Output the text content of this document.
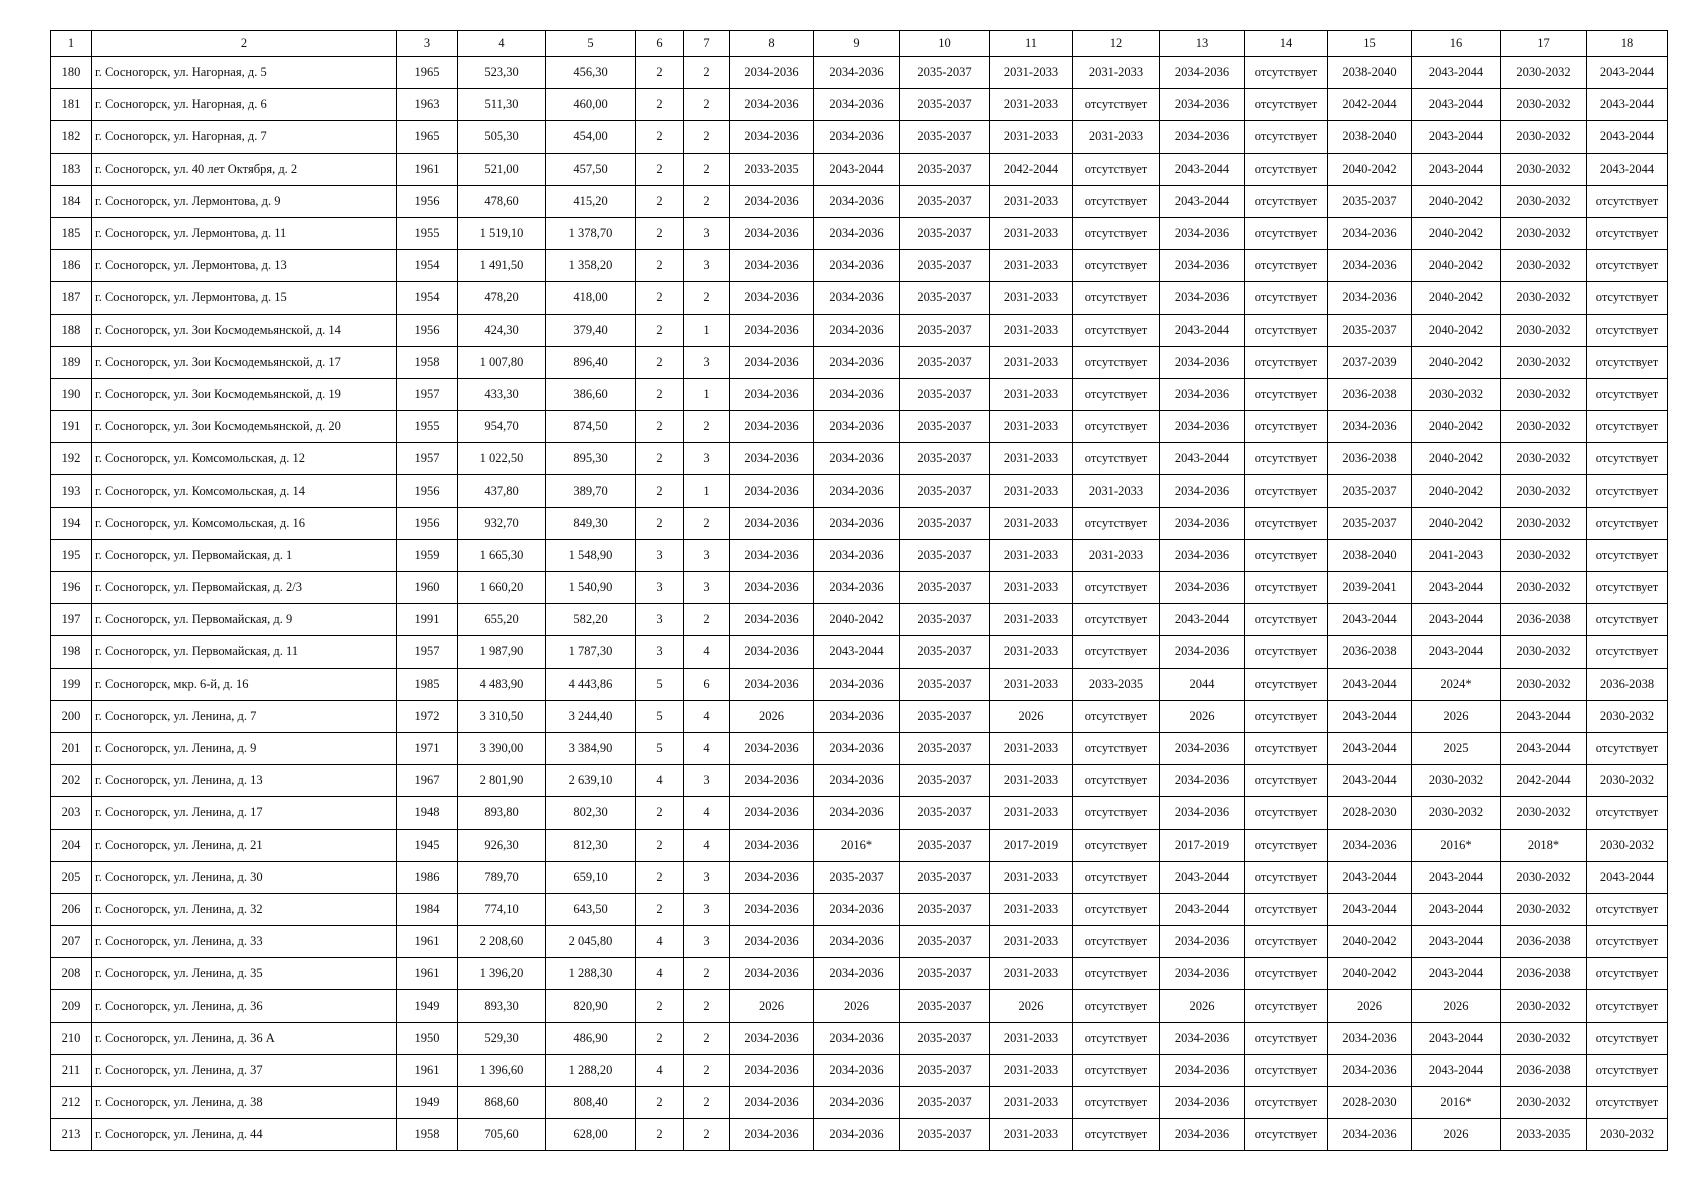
1	2	3	4	5	6	7	8	9	10	11	12	13	14	15	16	17	18
180	г. Сосногорск, ул. Нагорная, д. 5	1965	523,30	456,30	2	2	2034-2036	2034-2036	2035-2037	2031-2033	2031-2033	2034-2036	отсутствует	2038-2040	2043-2044	2030-2032	2043-2044
181	г. Сосногорск, ул. Нагорная, д. 6	1963	511,30	460,00	2	2	2034-2036	2034-2036	2035-2037	2031-2033	отсутствует	2034-2036	отсутствует	2042-2044	2043-2044	2030-2032	2043-2044
182	г. Сосногорск, ул. Нагорная, д. 7	1965	505,30	454,00	2	2	2034-2036	2034-2036	2035-2037	2031-2033	2031-2033	2034-2036	отсутствует	2038-2040	2043-2044	2030-2032	2043-2044
183	г. Сосногорск, ул. 40 лет Октября, д. 2	1961	521,00	457,50	2	2	2033-2035	2043-2044	2035-2037	2042-2044	отсутствует	2043-2044	отсутствует	2040-2042	2043-2044	2030-2032	2043-2044
184	г. Сосногорск, ул. Лермонтова, д. 9	1956	478,60	415,20	2	2	2034-2036	2034-2036	2035-2037	2031-2033	отсутствует	2043-2044	отсутствует	2035-2037	2040-2042	2030-2032	отсутствует
185	г. Сосногорск, ул. Лермонтова, д. 11	1955	1 519,10	1 378,70	2	3	2034-2036	2034-2036	2035-2037	2031-2033	отсутствует	2034-2036	отсутствует	2034-2036	2040-2042	2030-2032	отсутствует
186	г. Сосногорск, ул. Лермонтова, д. 13	1954	1 491,50	1 358,20	2	3	2034-2036	2034-2036	2035-2037	2031-2033	отсутствует	2034-2036	отсутствует	2034-2036	2040-2042	2030-2032	отсутствует
187	г. Сосногорск, ул. Лермонтова, д. 15	1954	478,20	418,00	2	2	2034-2036	2034-2036	2035-2037	2031-2033	отсутствует	2034-2036	отсутствует	2034-2036	2040-2042	2030-2032	отсутствует
188	г. Сосногорск, ул. Зои Космодемьянской, д. 14	1956	424,30	379,40	2	1	2034-2036	2034-2036	2035-2037	2031-2033	отсутствует	2043-2044	отсутствует	2035-2037	2040-2042	2030-2032	отсутствует
189	г. Сосногорск, ул. Зои Космодемьянской, д. 17	1958	1 007,80	896,40	2	3	2034-2036	2034-2036	2035-2037	2031-2033	отсутствует	2034-2036	отсутствует	2037-2039	2040-2042	2030-2032	отсутствует
190	г. Сосногорск, ул. Зои Космодемьянской, д. 19	1957	433,30	386,60	2	1	2034-2036	2034-2036	2035-2037	2031-2033	отсутствует	2034-2036	отсутствует	2036-2038	2030-2032	2030-2032	отсутствует
191	г. Сосногорск, ул. Зои Космодемьянской, д. 20	1955	954,70	874,50	2	2	2034-2036	2034-2036	2035-2037	2031-2033	отсутствует	2034-2036	отсутствует	2034-2036	2040-2042	2030-2032	отсутствует
192	г. Сосногорск, ул. Комсомольская, д. 12	1957	1 022,50	895,30	2	3	2034-2036	2034-2036	2035-2037	2031-2033	отсутствует	2043-2044	отсутствует	2036-2038	2040-2042	2030-2032	отсутствует
193	г. Сосногорск, ул. Комсомольская, д. 14	1956	437,80	389,70	2	1	2034-2036	2034-2036	2035-2037	2031-2033	2031-2033	2034-2036	отсутствует	2035-2037	2040-2042	2030-2032	отсутствует
194	г. Сосногорск, ул. Комсомольская, д. 16	1956	932,70	849,30	2	2	2034-2036	2034-2036	2035-2037	2031-2033	отсутствует	2034-2036	отсутствует	2035-2037	2040-2042	2030-2032	отсутствует
195	г. Сосногорск, ул. Первомайская, д. 1	1959	1 665,30	1 548,90	3	3	2034-2036	2034-2036	2035-2037	2031-2033	2031-2033	2034-2036	отсутствует	2038-2040	2041-2043	2030-2032	отсутствует
196	г. Сосногорск, ул. Первомайская, д. 2/3	1960	1 660,20	1 540,90	3	3	2034-2036	2034-2036	2035-2037	2031-2033	отсутствует	2034-2036	отсутствует	2039-2041	2043-2044	2030-2032	отсутствует
197	г. Сосногорск, ул. Первомайская, д. 9	1991	655,20	582,20	3	2	2034-2036	2040-2042	2035-2037	2031-2033	отсутствует	2043-2044	отсутствует	2043-2044	2043-2044	2036-2038	отсутствует
198	г. Сосногорск, ул. Первомайская, д. 11	1957	1 987,90	1 787,30	3	4	2034-2036	2043-2044	2035-2037	2031-2033	отсутствует	2034-2036	отсутствует	2036-2038	2043-2044	2030-2032	отсутствует
199	г. Сосногорск, мкр. 6-й, д. 16	1985	4 483,90	4 443,86	5	6	2034-2036	2034-2036	2035-2037	2031-2033	2033-2035	2044	отсутствует	2043-2044	2024*	2030-2032	2036-2038
200	г. Сосногорск, ул. Ленина, д. 7	1972	3 310,50	3 244,40	5	4	2026	2034-2036	2035-2037	2026	отсутствует	2026	отсутствует	2043-2044	2026	2043-2044	2030-2032
201	г. Сосногорск, ул. Ленина, д. 9	1971	3 390,00	3 384,90	5	4	2034-2036	2034-2036	2035-2037	2031-2033	отсутствует	2034-2036	отсутствует	2043-2044	2025	2043-2044	отсутствует
202	г. Сосногорск, ул. Ленина, д. 13	1967	2 801,90	2 639,10	4	3	2034-2036	2034-2036	2035-2037	2031-2033	отсутствует	2034-2036	отсутствует	2043-2044	2030-2032	2042-2044	2030-2032
203	г. Сосногорск, ул. Ленина, д. 17	1948	893,80	802,30	2	4	2034-2036	2034-2036	2035-2037	2031-2033	отсутствует	2034-2036	отсутствует	2028-2030	2030-2032	2030-2032	отсутствует
204	г. Сосногорск, ул. Ленина, д. 21	1945	926,30	812,30	2	4	2034-2036	2016*	2035-2037	2017-2019	отсутствует	2017-2019	отсутствует	2034-2036	2016*	2018*	2030-2032
205	г. Сосногорск, ул. Ленина, д. 30	1986	789,70	659,10	2	3	2034-2036	2035-2037	2035-2037	2031-2033	отсутствует	2043-2044	отсутствует	2043-2044	2043-2044	2030-2032	2043-2044
206	г. Сосногорск, ул. Ленина, д. 32	1984	774,10	643,50	2	3	2034-2036	2034-2036	2035-2037	2031-2033	отсутствует	2043-2044	отсутствует	2043-2044	2043-2044	2030-2032	отсутствует
207	г. Сосногорск, ул. Ленина, д. 33	1961	2 208,60	2 045,80	4	3	2034-2036	2034-2036	2035-2037	2031-2033	отсутствует	2034-2036	отсутствует	2040-2042	2043-2044	2036-2038	отсутствует
208	г. Сосногорск, ул. Ленина, д. 35	1961	1 396,20	1 288,30	4	2	2034-2036	2034-2036	2035-2037	2031-2033	отсутствует	2034-2036	отсутствует	2040-2042	2043-2044	2036-2038	отсутствует
209	г. Сосногорск, ул. Ленина, д. 36	1949	893,30	820,90	2	2	2026	2026	2035-2037	2026	отсутствует	2026	отсутствует	2026	2026	2030-2032	отсутствует
210	г. Сосногорск, ул. Ленина, д. 36 А	1950	529,30	486,90	2	2	2034-2036	2034-2036	2035-2037	2031-2033	отсутствует	2034-2036	отсутствует	2034-2036	2043-2044	2030-2032	отсутствует
211	г. Сосногорск, ул. Ленина, д. 37	1961	1 396,60	1 288,20	4	2	2034-2036	2034-2036	2035-2037	2031-2033	отсутствует	2034-2036	отсутствует	2034-2036	2043-2044	2036-2038	отсутствует
212	г. Сосногорск, ул. Ленина, д. 38	1949	868,60	808,40	2	2	2034-2036	2034-2036	2035-2037	2031-2033	отсутствует	2034-2036	отсутствует	2028-2030	2016*	2030-2032	отсутствует
213	г. Сосногорск, ул. Ленина, д. 44	1958	705,60	628,00	2	2	2034-2036	2034-2036	2035-2037	2031-2033	отсутствует	2034-2036	отсутствует	2034-2036	2026	2033-2035	2030-2032
